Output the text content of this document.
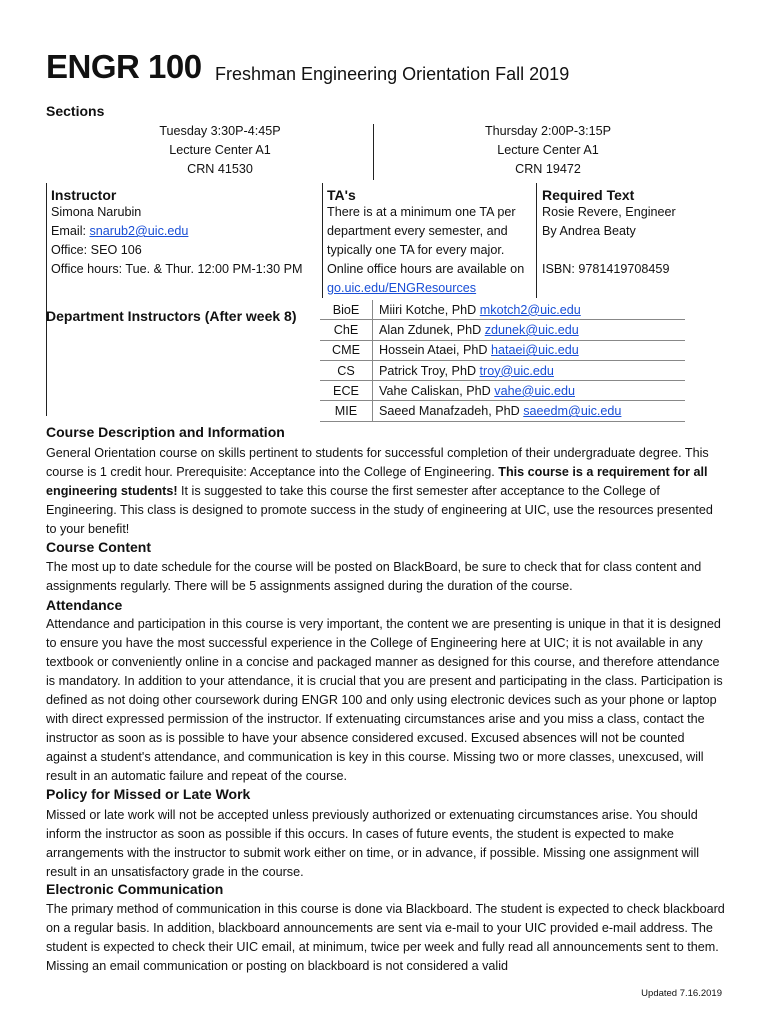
ENGR 100 Freshman Engineering Orientation Fall 2019
Sections
Tuesday 3:30P-4:45P
Lecture Center A1
CRN 41530
Thursday 2:00P-3:15P
Lecture Center A1
CRN 19472
Instructor
Simona Narubin
Email: snarub2@uic.edu
Office: SEO 106
Office hours: Tue. & Thur. 12:00 PM-1:30 PM
TA's
There is at a minimum one TA per
department every semester, and
typically one TA for every major.
Online office hours are available on
go.uic.edu/ENGResources
Required Text
Rosie Revere, Engineer
By Andrea Beaty

ISBN: 9781419708459
Department Instructors (After week 8)	BioE	Miiri Kotche, PhD mkotch2@uic.edu
ChE	Alan Zdunek, PhD zdunek@uic.edu
CME	Hossein Ataei, PhD hataei@uic.edu
CS	Patrick Troy, PhD troy@uic.edu
ECE	Vahe Caliskan, PhD vahe@uic.edu
MIE	Saeed Manafzadeh, PhD saeedm@uic.edu
Course Description and Information
General Orientation course on skills pertinent to students for successful completion of their undergraduate degree. This course is 1 credit hour. Prerequisite: Acceptance into the College of Engineering. This course is a requirement for all engineering students! It is suggested to take this course the first semester after acceptance to the College of Engineering. This class is designed to promote success in the study of engineering at UIC, use the resources presented to your benefit!
Course Content
The most up to date schedule for the course will be posted on BlackBoard, be sure to check that for class content and assignments regularly. There will be 5 assignments assigned during the duration of the course.
Attendance
Attendance and participation in this course is very important, the content we are presenting is unique in that it is designed to ensure you have the most successful experience in the College of Engineering here at UIC; it is not available in any textbook or conveniently online in a concise and packaged manner as designed for this course, and therefore attendance is mandatory. In addition to your attendance, it is crucial that you are present and participating in the class. Participation is defined as not doing other coursework during ENGR 100 and only using electronic devices such as your phone or laptop with direct expressed permission of the instructor. If extenuating circumstances arise and you miss a class, contact the instructor as soon as is possible to have your absence considered excused. Excused absences will not be counted against a student's attendance, and communication is key in this course. Missing two or more classes, unexcused, will result in an automatic failure and repeat of the course.
Policy for Missed or Late Work
Missed or late work will not be accepted unless previously authorized or extenuating circumstances arise. You should inform the instructor as soon as possible if this occurs. In cases of future events, the student is expected to make arrangements with the instructor to submit work either on time, or in advance, if possible. Missing one assignment will result in an unsatisfactory grade in the course.
Electronic Communication
The primary method of communication in this course is done via Blackboard. The student is expected to check blackboard on a regular basis. In addition, blackboard announcements are sent via e-mail to your UIC provided e-mail address. The student is expected to check their UIC email, at minimum, twice per week and fully read all announcements sent to them. Missing an email communication or posting on blackboard is not considered a valid
Updated 7.16.2019
